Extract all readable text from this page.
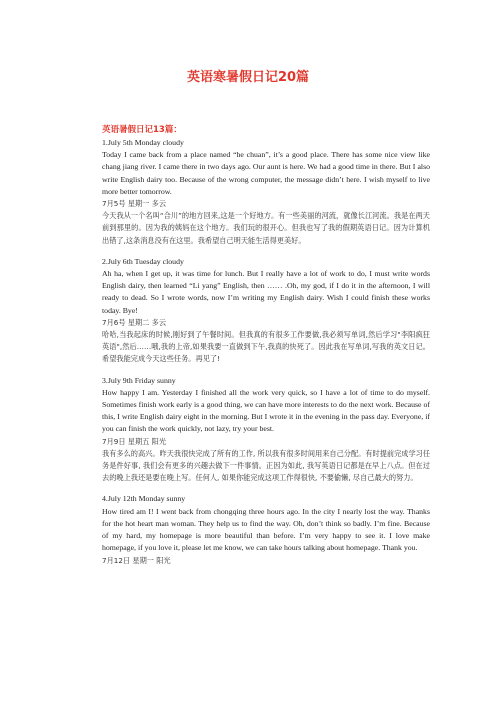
英语寒暑假日记20篇

英语暑假日记13篇：

1.July 5th Monday cloudy

Today I came back from a place named “he chuan”, it’s a good place. There has some nice view like chang jiang river. I came there in two days ago. Our aunt is here. We had a good time in there. But I also write English dairy too. Because of the wrong computer, the message didn’t here. I wish myself to live more better tomorrow.

7月5号 星期一 多云

今天我从一个名叫“合川”的地方回来,这是一个好地方。有一些美丽的河流，就像长江河流。我是在两天前到那里的。因为我的姨妈在这个地方。我们玩的很开心。但我也写了我的假期英语日记。因为计算机出错了,这条消息没有在这里。我希望自己明天能生活得更美好。

2.July 6th Tuesday cloudy

Ah ha, when I get up, it was time for lunch. But I really have a lot of work to do, I must write words English dairy, then learned “Li yang” English, then …… .Oh, my god, if I do it in the afternoon, I will ready to dead. So I wrote words, now I’m writing my English dairy. Wish I could finish these works today. Bye!

7月6号 星期二 多云

哈哈,当我起床的时候,刚好到了午餐时间。但我真的有很多工作要做,我必须写单词,然后学习"李阳疯狂英语",然后……哦,我的上帝,如果我要一直做到下午,我真的快死了。因此我在写单词,写我的英文日记。希望我能完成今天这些任务。再见了!

3.July 9th Friday sunny

How happy I am. Yesterday I finished all the work very quick, so I have a lot of time to do myself. Sometimes finish work early is a good thing, we can have more interests to do the next work. Because of this, I write English dairy eight in the morning. But I wrote it in the evening in the pass day. Everyone, if you can finish the work quickly, not lazy, try your best.

7月9日 星期五 阳光

我有多么的高兴。昨天我很快完成了所有的工作, 所以我有很多时间用来自己分配。有时提前完成学习任务是件好事, 我们会有更多的兴趣去做下一件事情。正因为如此, 我写英语日记都是在早上八点。但在过去的晚上我还是要在晚上写。任何人, 如果你能完成这项工作得很快, 不要偷懒, 尽自己最大的努力。

4.July 12th Monday sunny

How tired am I! I went back from chongqing three hours ago. In the city I nearly lost the way. Thanks for the hot heart man woman. They help us to find the way. Oh, don’t think so badly. I’m fine. Because of my hard, my homepage is more beautiful than before. I’m very happy to see it. I love make homepage, if you love it, please let me know, we can take hours talking about homepage. Thank you.

7月12日 星期一 阳光
